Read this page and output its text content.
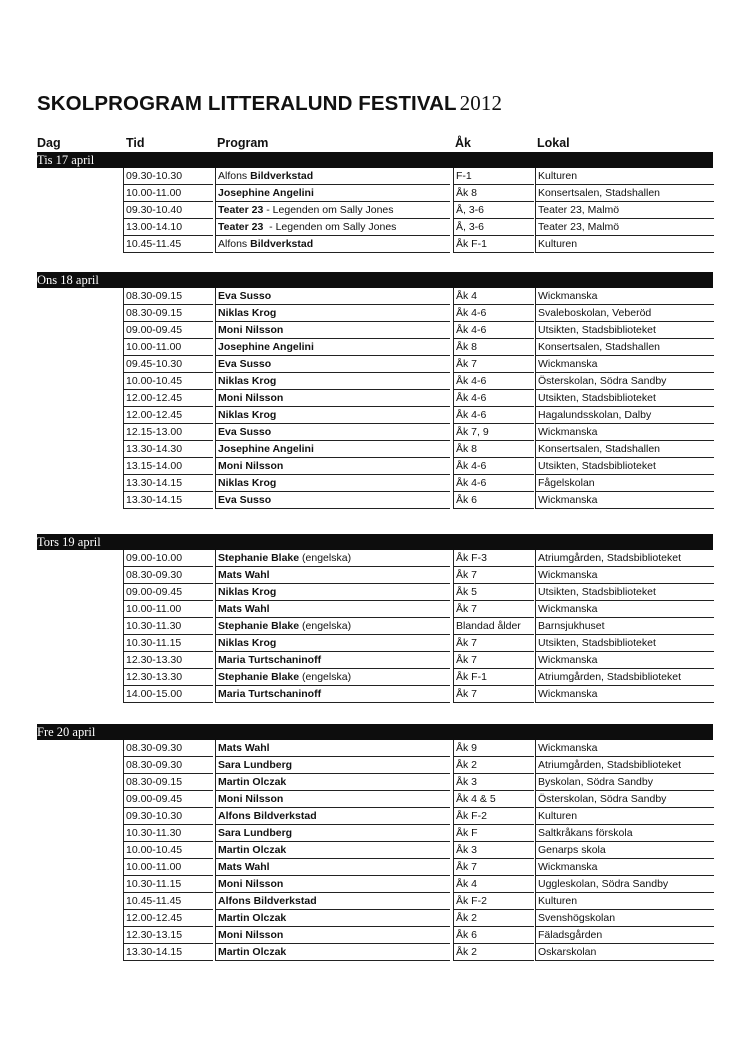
SKOLPROGRAM LITTERALUND FESTIVAL 2012
Dag	Tid	Program	Åk	Lokal
Tis 17 april
09.30-10.30	Alfons Bildverkstad	F-1	Kulturen
10.00-11.00	Josephine Angelini	Åk 8	Konsertsalen, Stadshallen
09.30-10.40	Teater 23 - Legenden om Sally Jones	Å, 3-6	Teater 23, Malmö
13.00-14.10	Teater 23  - Legenden om Sally Jones	Å, 3-6	Teater 23, Malmö
10.45-11.45	Alfons Bildverkstad	Åk F-1	Kulturen
Ons 18 april
08.30-09.15	Eva Susso	Åk 4	Wickmanska
08.30-09.15	Niklas Krog	Åk 4-6	Svaleboskolan, Veberöd
09.00-09.45	Moni Nilsson	Åk 4-6	Utsikten, Stadsbiblioteket
10.00-11.00	Josephine Angelini	Åk 8	Konsertsalen, Stadshallen
09.45-10.30	Eva Susso	Åk 7	Wickmanska
10.00-10.45	Niklas Krog	Åk 4-6	Österskolan, Södra Sandby
12.00-12.45	Moni Nilsson	Åk 4-6	Utsikten, Stadsbiblioteket
12.00-12.45	Niklas Krog	Åk 4-6	Hagalundsskolan, Dalby
12.15-13.00	Eva Susso	Åk 7, 9	Wickmanska
13.30-14.30	Josephine Angelini	Åk 8	Konsertsalen, Stadshallen
13.15-14.00	Moni Nilsson	Åk 4-6	Utsikten, Stadsbiblioteket
13.30-14.15	Niklas Krog	Åk 4-6	Fågelskolan
13.30-14.15	Eva Susso	Åk 6	Wickmanska
Tors 19 april
09.00-10.00	Stephanie Blake (engelska)	Åk F-3	Atriumgården, Stadsbiblioteket
08.30-09.30	Mats Wahl	Åk 7	Wickmanska
09.00-09.45	Niklas Krog	Åk 5	Utsikten, Stadsbiblioteket
10.00-11.00	Mats Wahl	Åk 7	Wickmanska
10.30-11.30	Stephanie Blake (engelska)	Blandad ålder	Barnsjukhuset
10.30-11.15	Niklas Krog	Åk 7	Utsikten, Stadsbiblioteket
12.30-13.30	Maria Turtschaninoff	Åk 7	Wickmanska
12.30-13.30	Stephanie Blake (engelska)	Åk F-1	Atriumgården, Stadsbiblioteket
14.00-15.00	Maria Turtschaninoff	Åk 7	Wickmanska
Fre 20 april
08.30-09.30	Mats Wahl	Åk 9	Wickmanska
08.30-09.30	Sara Lundberg	Åk 2	Atriumgården, Stadsbiblioteket
08.30-09.15	Martin Olczak	Åk 3	Byskolan, Södra Sandby
09.00-09.45	Moni Nilsson	Åk 4 & 5	Österskolan, Södra Sandby
09.30-10.30	Alfons Bildverkstad	Åk F-2	Kulturen
10.30-11.30	Sara Lundberg	Åk F	Saltkråkans förskola
10.00-10.45	Martin Olczak	Åk 3	Genarps skola
10.00-11.00	Mats Wahl	Åk 7	Wickmanska
10.30-11.15	Moni Nilsson	Åk 4	Uggleskolan, Södra Sandby
10.45-11.45	Alfons Bildverkstad	Åk F-2	Kulturen
12.00-12.45	Martin Olczak	Åk 2	Svenshögskolan
12.30-13.15	Moni Nilsson	Åk 6	Fäladsgården
13.30-14.15	Martin Olczak	Åk 2	Oskarskolan
